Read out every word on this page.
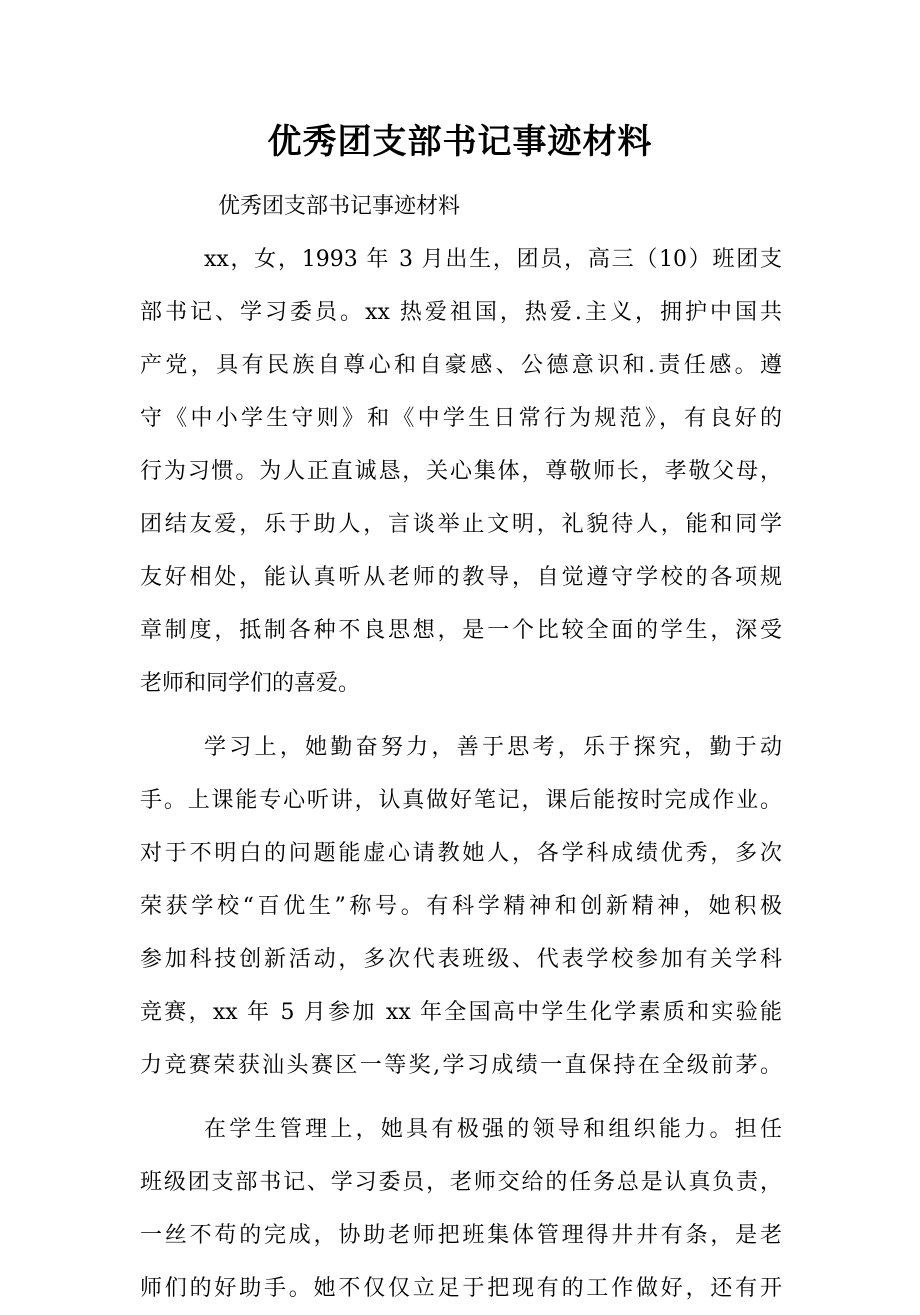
优秀团支部书记事迹材料
优秀团支部书记事迹材料
xx，女，1993 年 3 月出生，团员，高三（10）班团支
部书记、学习委员。xx 热爱祖国，热爱.主义，拥护中国共
产党，具有民族自尊心和自豪感、公德意识和.责任感。遵
守《中小学生守则》和《中学生日常行为规范》，有良好的
行为习惯。为人正直诚恳，关心集体，尊敬师长，孝敬父母，
团结友爱，乐于助人，言谈举止文明，礼貌待人，能和同学
友好相处，能认真听从老师的教导，自觉遵守学校的各项规
章制度，抵制各种不良思想，是一个比较全面的学生，深受
老师和同学们的喜爱。
学习上，她勤奋努力，善于思考，乐于探究，勤于动
手。上课能专心听讲，认真做好笔记，课后能按时完成作业。
对于不明白的问题能虚心请教她人，各学科成绩优秀，多次
荣获学校“百优生”称号。有科学精神和创新精神，她积极
参加科技创新活动，多次代表班级、代表学校参加有关学科
竞赛，xx 年 5 月参加 xx 年全国高中学生化学素质和实验能
力竞赛荣获汕头赛区一等奖,学习成绩一直保持在全级前茅。
在学生管理上，她具有极强的领导和组织能力。担任
班级团支部书记、学习委员，老师交给的任务总是认真负责，
一丝不苟的完成，协助老师把班集体管理得井井有条，是老
师们的好助手。她不仅仅立足于把现有的工作做好，还有开
